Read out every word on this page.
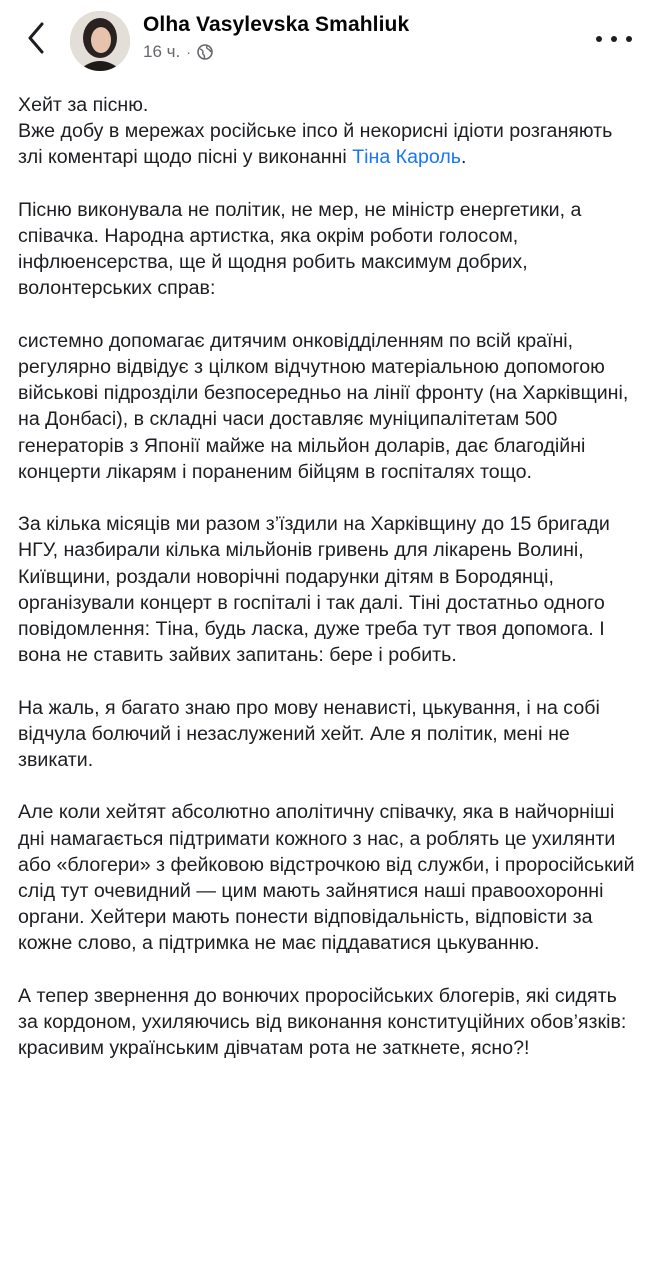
Olha Vasylevska Smahliuk
16 ч. ·

Хейт за пісню.
Вже добу в мережах російське іпсо й некорисні ідіоти розганяють злі коментарі щодо пісні у виконанні Тіна Кароль.

Пісню виконувала не політик, не мер, не міністр енергетики, а співачка. Народна артистка, яка окрім роботи голосом, інфлюенсерства, ще й щодня робить максимум добрих, волонтерських справ:

системно допомагає дитячим онковідділенням по всій країні, регулярно відвідує з цілком відчутною матеріальною допомогою військові підрозділи безпосередньо на лінії фронту (на Харківщині, на Донбасі), в складні часи доставляє муніципалітетам 500 генераторів з Японії майже на мільйон доларів, дає благодійні концерти лікарям і пораненим бійцям в госпіталях тощо.

За кілька місяців ми разом з’їздили на Харківщину до 15 бригади НГУ, назбирали кілька мільйонів гривень для лікарень Волині, Київщини, роздали новорічні подарунки дітям в Бородянці, організували концерт в госпіталі і так далі. Тіні достатньо одного повідомлення: Тіна, будь ласка, дуже треба тут твоя допомога. І вона не ставить зайвих запитань: бере і робить.

На жаль, я багато знаю про мову ненависті, цькування, і на собі відчула болючий і незаслужений хейт. Але я політик, мені не звикати.

Але коли хейтят абсолютно аполітичну співачку, яка в найчорніші дні намагається підтримати кожного з нас, а роблять це ухилянти або «блогери» з фейковою відстрочкою від служби, і проросійський слід тут очевидний — цим мають зайнятися наші правоохоронні органи. Хейтери мають понести відповідальність, відповісти за кожне слово, а підтримка не має піддаватися цькуванню.

А тепер звернення до вонючих проросійських блогерів, які сидять за кордоном, ухиляючись від виконання конституційних обов’язків: красивим українським дівчатам рота не заткнете, ясно?!
